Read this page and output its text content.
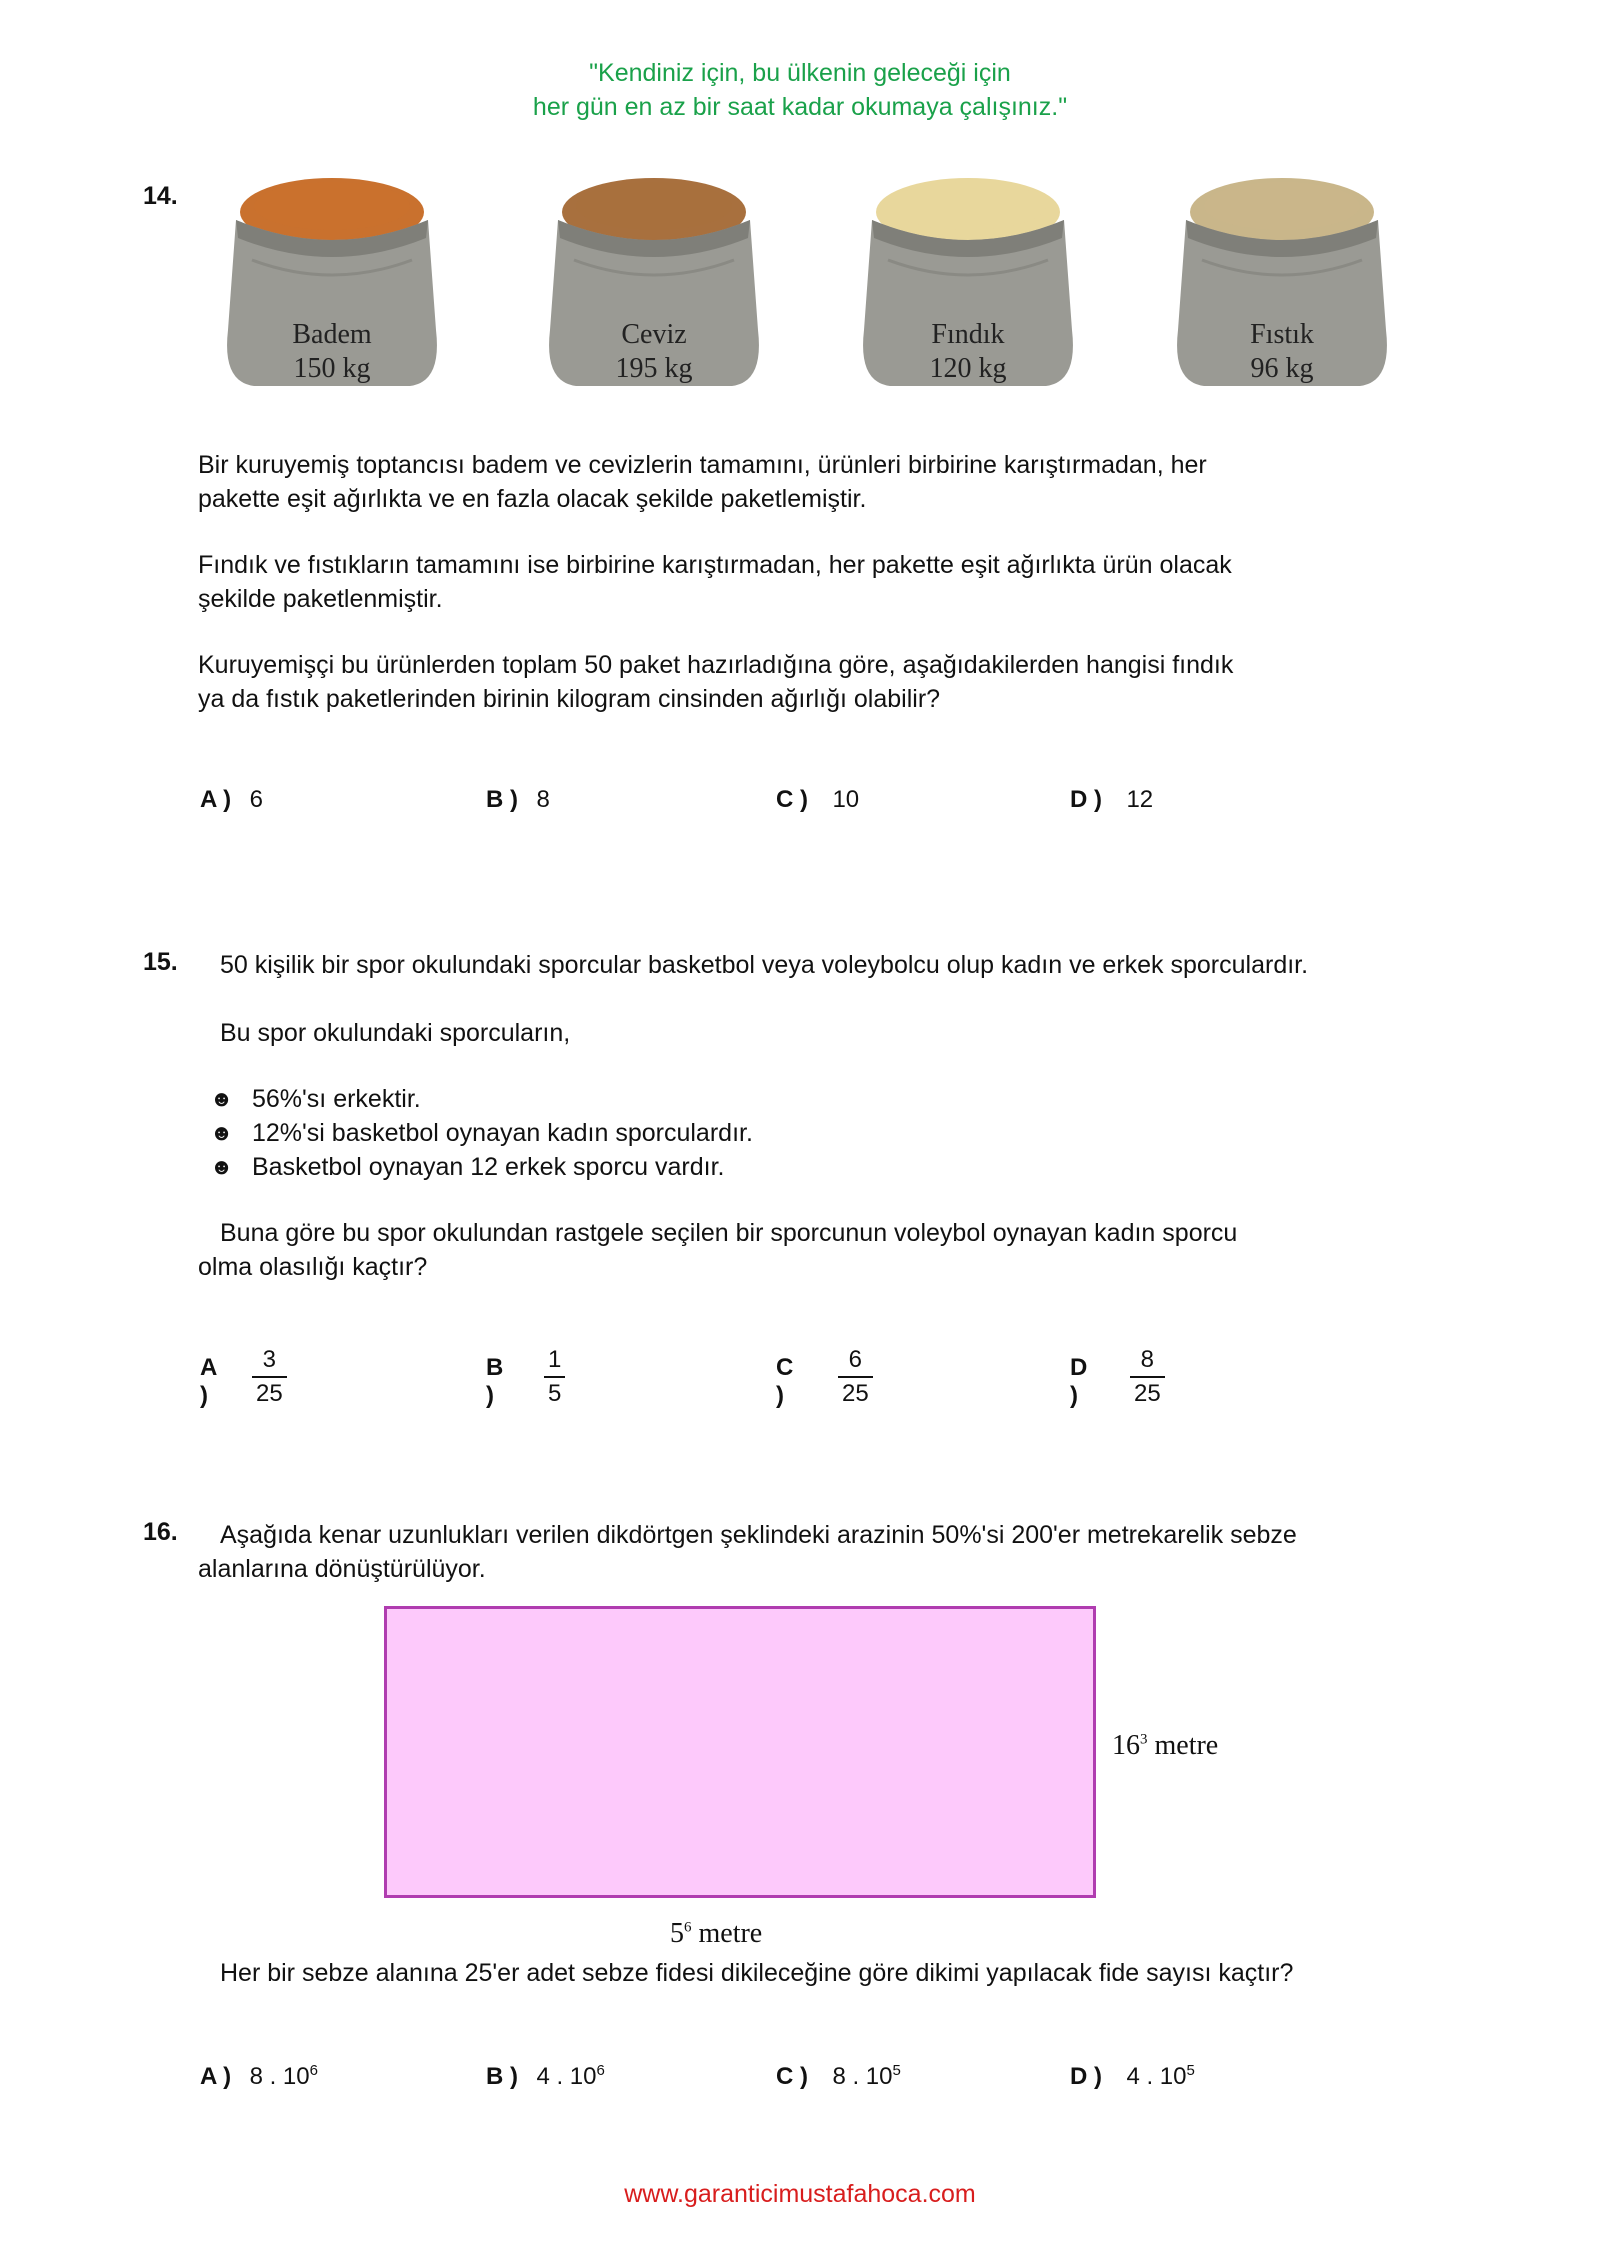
"Kendiniz için, bu ülkenin geleceği için
her gün en az bir saat kadar okumaya çalışınız."
14.
Badem
150 kg
Ceviz
195 kg
Fındık
120 kg
Fıstık
96 kg
Bir kuruyemiş toptancısı badem ve cevizlerin tamamını, ürünleri birbirine karıştırmadan, her
pakette eşit ağırlıkta ve en fazla olacak şekilde paketlemiştir.
Fındık ve fıstıkların tamamını ise birbirine karıştırmadan, her pakette eşit ağırlıkta ürün olacak
şekilde paketlenmiştir.
Kuruyemişçi bu ürünlerden toplam 50 paket hazırladığına göre, aşağıdakilerden hangisi fındık
ya da fıstık paketlerinden birinin kilogram cinsinden ağırlığı olabilir?
A ) 6	B ) 8	C ) 10	D ) 12
15. 50 kişilik bir spor okulundaki sporcular basketbol veya voleybolcu olup kadın ve erkek sporculardır.
Bu spor okulundaki sporcuların,
☻ 56%'sı erkektir.
☻ 12%'si basketbol oynayan kadın sporculardır.
☻ Basketbol oynayan 12 erkek sporcu vardır.
Buna göre bu spor okulundan rastgele seçilen bir sporcunun voleybol oynayan kadın sporcu
olma olasılığı kaçtır?
A )	$\frac{3}{25}$	B )	$\frac{1}{5}$	C )	$\frac{6}{25}$	D )	$\frac{8}{25}$
16. Aşağıda kenar uzunlukları verilen dikdörtgen şeklindeki arazinin 50%'si 200'er metrekarelik sebze
alanlarına dönüştürülüyor.
$16^3$ metre
$5^6$ metre
Her bir sebze alanına 25'er adet sebze fidesi dikileceğine göre dikimi yapılacak fide sayısı kaçtır?
A ) 8 . $10^6$	B ) 4 . $10^6$	C ) 8 . $10^5$	D ) 4 . $10^5$
www.garanticimustafahoca.com
